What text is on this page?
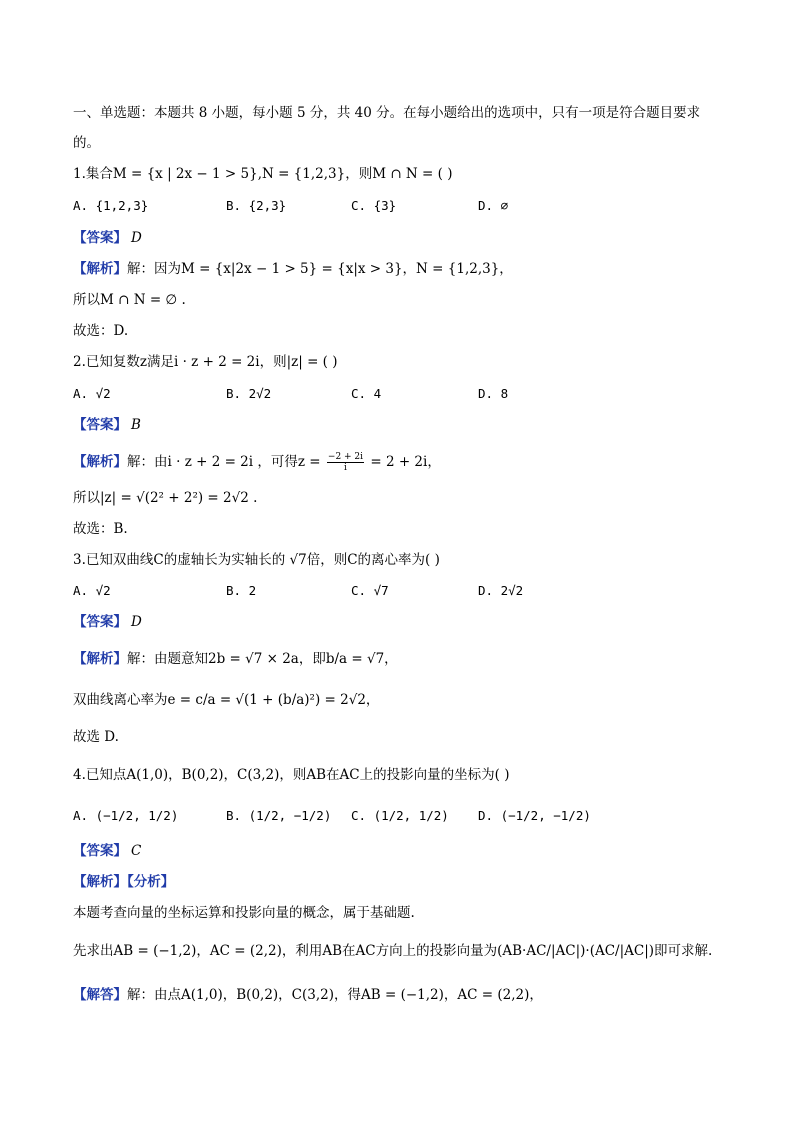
一、单选题：本题共 8 小题，每小题 5 分，共 40 分。在每小题给出的选项中，只有一项是符合题目要求
的。
1.集合M = {x | 2x − 1 > 5},N = {1,2,3}，则M ∩ N = ( )
A. {1,2,3}	B. {2,3}	C. {3}	D. ∅
【答案】 D
【解析】解：因为M = {x|2x − 1 > 5} = {x|x > 3}，N = {1,2,3}，
所以M ∩ N = ∅ .
故选：D.
2.已知复数z满足i · z + 2 = 2i，则|z| = ( )
A. √2	B. 2√2	C. 4	D. 8
【答案】 B
【解析】解：由i · z + 2 = 2i ，可得$z = \frac{-2 + 2i}{i} = 2 + 2i$，
所以|z| = √(2² + 2²) = 2√2 .
故选：B.
3.已知双曲线C的虚轴长为实轴长的 √7倍，则C的离心率为( )
A. √2	B. 2	C. √7	D. 2√2
【答案】 D
【解析】解：由题意知2b = √7 × 2a，即b/a = √7，
双曲线离心率为e = c/a = √(1 + (b/a)²) = 2√2，
故选 D.
4.已知点A(1,0)，B(0,2)，C(3,2)，则AB在AC上的投影向量的坐标为( )
A. (−1/2, 1/2)	B. (1/2, −1/2) C. (1/2, 1/2) D. (−1/2, −1/2)
【答案】 C
【解析】【分析】
本题考查向量的坐标运算和投影向量的概念，属于基础题.
先求出AB = (−1,2)，AC = (2,2)，利用AB在AC方向上的投影向量为(AB·AC/|AC|)·(AC/|AC|)即可求解.
【解答】解：由点A(1,0)，B(0,2)，C(3,2)，得AB = (−1,2)，AC = (2,2)，
